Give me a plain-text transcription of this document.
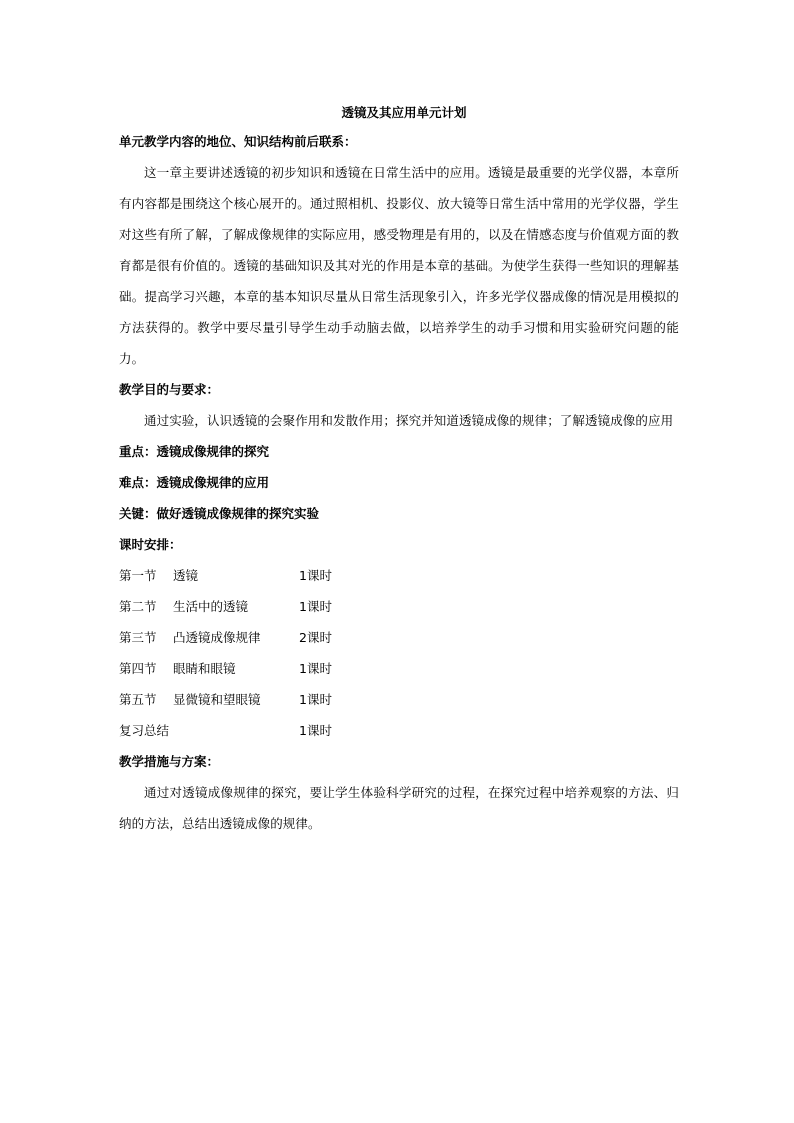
透镜及其应用单元计划
单元教学内容的地位、知识结构前后联系：

这一章主要讲述透镜的初步知识和透镜在日常生活中的应用。透镜是最重要的光学仪器，本章所有内容都是围绕这个核心展开的。通过照相机、投影仪、放大镜等日常生活中常用的光学仪器，学生对这些有所了解，了解成像规律的实际应用，感受物理是有用的，以及在情感态度与价值观方面的教育都是很有价值的。透镜的基础知识及其对光的作用是本章的基础。为使学生获得一些知识的理解基础。提高学习兴趣，本章的基本知识尽量从日常生活现象引入，许多光学仪器成像的情况是用模拟的方法获得的。教学中要尽量引导学生动手动脑去做，以培养学生的动手习惯和用实验研究问题的能力。

教学目的与要求：

通过实验，认识透镜的会聚作用和发散作用；探究并知道透镜成像的规律；了解透镜成像的应用

重点：透镜成像规律的探究
难点：透镜成像规律的应用
关键：做好透镜成像规律的探究实验
课时安排：
第一节	透镜	1课时
第二节	生活中的透镜	1课时
第三节	凸透镜成像规律	2课时
第四节	眼睛和眼镜	1课时
第五节	显微镜和望眼镜	1课时
复习总结	1课时
教学措施与方案：

通过对透镜成像规律的探究，要让学生体验科学研究的过程，在探究过程中培养观察的方法、归纳的方法，总结出透镜成像的规律。
